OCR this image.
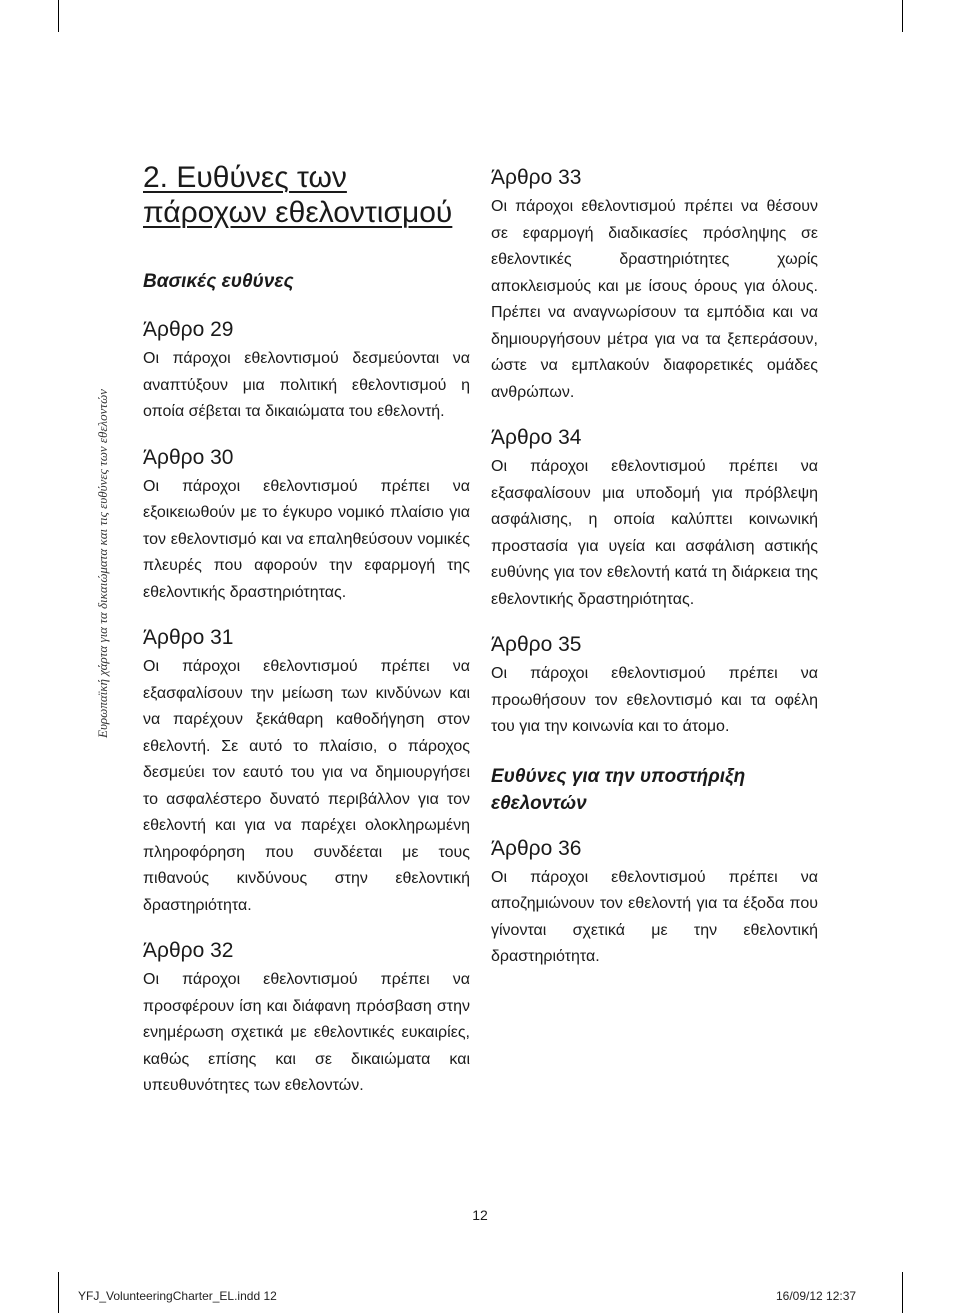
Ευρωπαϊκή χάρτα για τα δικαιώματα και τις ευθύνες των εθελοντών
2. Ευθύνες των πάροχων εθελοντισμού
Βασικές ευθύνες
Άρθρο 29

Οι πάροχοι εθελοντισμού δεσμεύονται να αναπτύξουν μια πολιτική εθελοντισμού η οποία σέβεται τα δικαιώματα του εθελοντή.

Άρθρο 30

Οι πάροχοι εθελοντισμού πρέπει να εξοικειωθούν με το έγκυρο νομικό πλαίσιο για τον εθελοντισμό και να επαληθεύσουν νομικές πλευρές που αφορούν την εφαρμογή της εθελοντικής δραστηριότητας.

Άρθρο 31

Οι πάροχοι εθελοντισμού πρέπει να εξασφαλίσουν την μείωση των κινδύνων και να παρέχουν ξεκάθαρη καθοδήγηση στον εθελοντή. Σε αυτό το πλαίσιο, ο πάροχος δεσμεύει τον εαυτό του για να δημιουργήσει το ασφαλέστερο δυνατό περιβάλλον για τον εθελοντή και για να παρέχει ολοκληρωμένη πληροφόρηση που συνδέεται με τους πιθανούς κινδύνους στην εθελοντική δραστηριότητα.

Άρθρο 32

Οι πάροχοι εθελοντισμού πρέπει να προσφέρουν ίση και διάφανη πρόσβαση στην ενημέρωση σχετικά με εθελοντικές ευκαιρίες, καθώς επίσης και σε δικαιώματα και υπευθυνότητες των εθελοντών.

Άρθρο 33

Οι πάροχοι εθελοντισμού πρέπει να θέσουν σε εφαρμογή διαδικασίες πρόσληψης σε εθελοντικές δραστηριότητες χωρίς αποκλεισμούς και με ίσους όρους για όλους. Πρέπει να αναγνωρίσουν τα εμπόδια και να δημιουργήσουν μέτρα για να τα ξεπεράσουν, ώστε να εμπλακούν διαφορετικές ομάδες ανθρώπων.

Άρθρο 34

Οι πάροχοι εθελοντισμού πρέπει να εξασφαλίσουν μια υποδομή για πρόβλεψη ασφάλισης, η οποία καλύπτει κοινωνική προστασία για υγεία και ασφάλιση αστικής ευθύνης για τον εθελοντή κατά τη διάρκεια της εθελοντικής δραστηριότητας.

Άρθρο 35

Οι πάροχοι εθελοντισμού πρέπει να προωθήσουν τον εθελοντισμό και τα οφέλη του για την κοινωνία και το άτομο.

Ευθύνες για την υποστήριξη εθελοντών
Άρθρο 36

Οι πάροχοι εθελοντισμού πρέπει να αποζημιώνουν τον εθελοντή για τα έξοδα που γίνονται σχετικά με την εθελοντική δραστηριότητα.

12
YFJ_VolunteeringCharter_EL.indd 12	16/09/12 12:37
